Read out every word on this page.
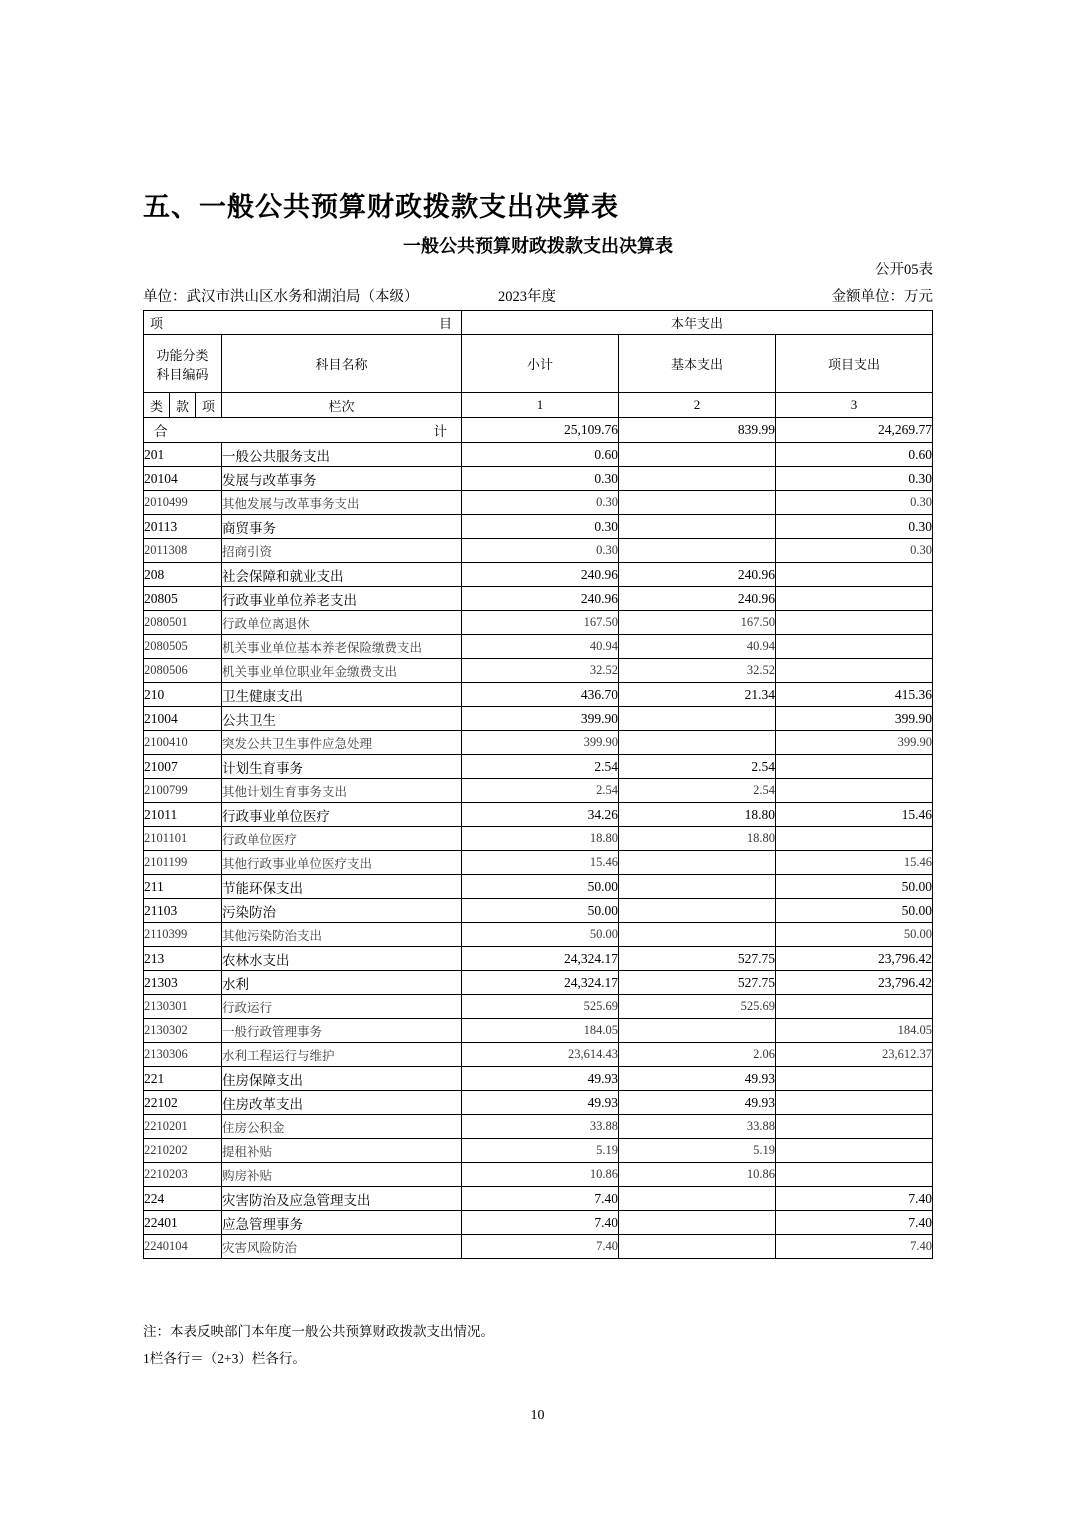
五、一般公共预算财政拨款支出决算表
一般公共预算财政拨款支出决算表
公开05表
单位：武汉市洪山区水务和湖泊局（本级）	2023年度	金额单位：万元
项 目				本年支出		

功能分类
科目编码			科目名称	小计	基本支出	项目支出
类	款	项	栏次	1	2	3

合 计				25,109.76	839.99	24,269.77
201			一般公共服务支出	0.60		0.60
20104			发展与改革事务	0.30		0.30
2010499			其他发展与改革事务支出	0.30		0.30
20113			商贸事务	0.30		0.30
2011308			招商引资	0.30		0.30
208			社会保障和就业支出	240.96	240.96	
20805			行政事业单位养老支出	240.96	240.96	
2080501			行政单位离退休	167.50	167.50	
2080505			机关事业单位基本养老保险缴费支出	40.94	40.94	
2080506			机关事业单位职业年金缴费支出	32.52	32.52	
210			卫生健康支出	436.70	21.34	415.36
21004			公共卫生	399.90		399.90
2100410			突发公共卫生事件应急处理	399.90		399.90
21007			计划生育事务	2.54	2.54	
2100799			其他计划生育事务支出	2.54	2.54	
21011			行政事业单位医疗	34.26	18.80	15.46
2101101			行政单位医疗	18.80	18.80	
2101199			其他行政事业单位医疗支出	15.46		15.46
211			节能环保支出	50.00		50.00
21103			污染防治	50.00		50.00
2110399			其他污染防治支出	50.00		50.00
213			农林水支出	24,324.17	527.75	23,796.42
21303			水利	24,324.17	527.75	23,796.42
2130301			行政运行	525.69	525.69	
2130302			一般行政管理事务	184.05		184.05
2130306			水利工程运行与维护	23,614.43	2.06	23,612.37
221			住房保障支出	49.93	49.93	
22102			住房改革支出	49.93	49.93	
2210201			住房公积金	33.88	33.88	
2210202			提租补贴	5.19	5.19	
2210203			购房补贴	10.86	10.86	
224			灾害防治及应急管理支出	7.40		7.40
22401			应急管理事务	7.40		7.40
2240104			灾害风险防治	7.40		7.40
注：本表反映部门本年度一般公共预算财政拨款支出情况。
1栏各行＝（2+3）栏各行。
10
